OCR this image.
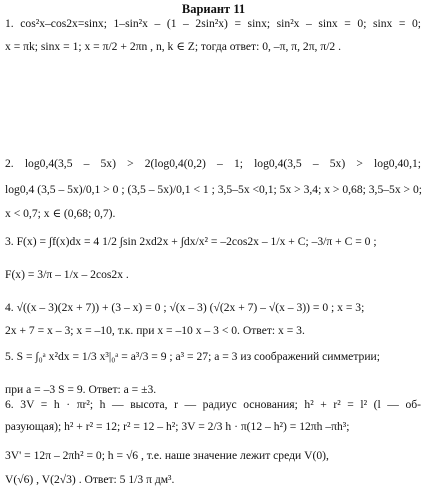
Вариант 11
1. cos²x–cos2x=sinx; 1–sin²x – (1 – 2sin²x) = sinx; sin²x – sinx = 0; sinx = 0;
x = πk; sinx = 1; x = π/2 + 2πn , n, k ∈ Z; тогда ответ: 0, –π, π, 2π, π/2 .
2. log0,4(3,5 – 5x) > 2(log0,4(0,2) – 1; log0,4(3,5 – 5x) > log0,40,1;
log0,4 (3,5 – 5x)/0,1 > 0 ; (3,5 – 5x)/0,1 < 1 ; 3,5–5x <0,1; 5x > 3,4; x > 0,68; 3,5–5x > 0;
x < 0,7; x ∈ (0,68; 0,7).
3. F(x) = ∫f(x)dx = 4 1/2 ∫sin 2xd2x + ∫dx/x² = –2cos2x – 1/x + C; –3/π + C = 0 ;
F(x) = 3/π – 1/x – 2cos2x .
4. √((x – 3)(2x + 7)) + (3 – x) = 0 ; √(x – 3) (√(2x + 7) – √(x – 3)) = 0 ; x = 3;
2x + 7 = x – 3; x = –10, т.к. при x = –10 x – 3 < 0. Ответ: x = 3.
5. S = ∫₀ᵃ x²dx = 1/3 x³|₀ᵃ = a³/3 = 9 ; a³ = 27; a = 3 из соображений симметрии;
при a = –3 S = 9. Ответ: a = ±3.
6. 3V = h · πr²; h — высота, r — радиус основания; h² + r² = l² (l — об-
разующая); h² + r² = 12; r² = 12 – h²; 3V = 2/3 h · π(12 – h²) = 12πh –πh³;
3V' = 12π – 2πh² = 0; h = √6 , т.е. наше значение лежит среди V(0),
V(√6) , V(2√3) . Ответ: 5 1/3 π дм³.
